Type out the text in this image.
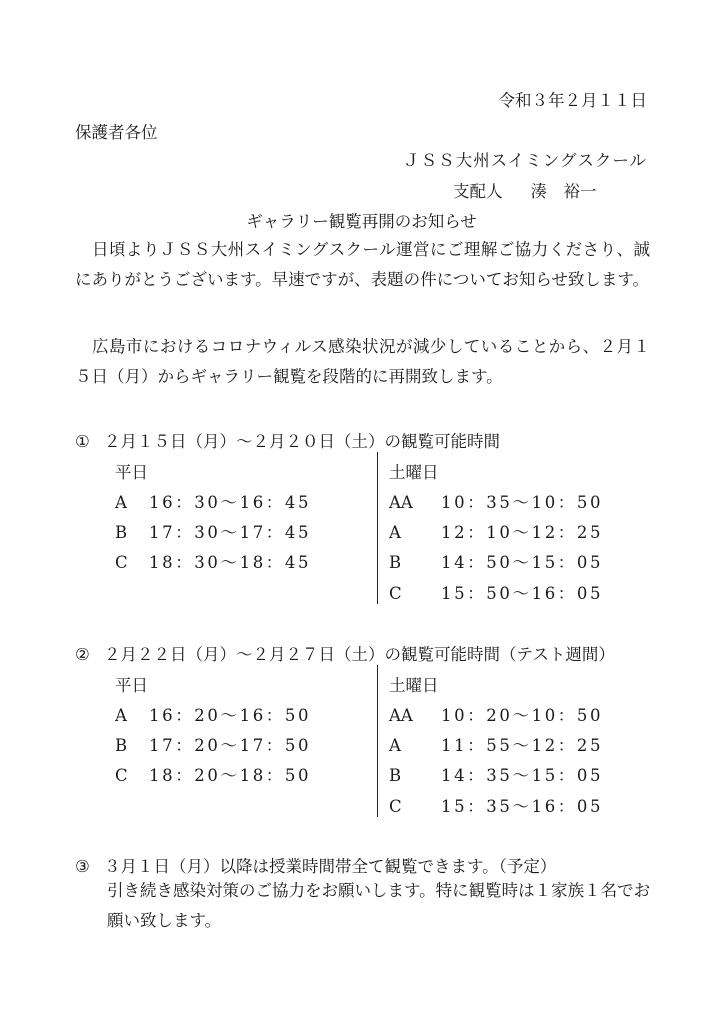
令和３年２月１１日
保護者各位
ＪＳＳ大州スイミングスクール
支配人 湊　裕一
ギャラリー観覧再開のお知らせ

日頃よりＪＳＳ大州スイミングスクール運営にご理解ご協力くださり、誠にありがとうございます。早速ですが、表題の件についてお知らせ致します。

広島市におけるコロナウィルス感染状況が減少していることから、２月１５日（月）からギャラリー観覧を段階的に再開致します。

① ２月１５日（月）～２月２０日（土）の観覧可能時間
平日	土曜日
A 16：30～16：45
B 17：30～17：45
C 18：30～18：45
AA 10：35～10：50
A 12：10～12：25
B 14：50～15：05
C 15：50～16：05
② ２月２２日（月）～２月２７日（土）の観覧可能時間（テスト週間）
平日	土曜日
A 16：20～16：50
B 17：20～17：50
C 18：20～18：50
AA 10：20～10：50
A 11：55～12：25
B 14：35～15：05
C 15：35～16：05
③ ３月１日（月）以降は授業時間帯全て観覧できます。（予定）

引き続き感染対策のご協力をお願いします。特に観覧時は１家族１名でお願い致します。
